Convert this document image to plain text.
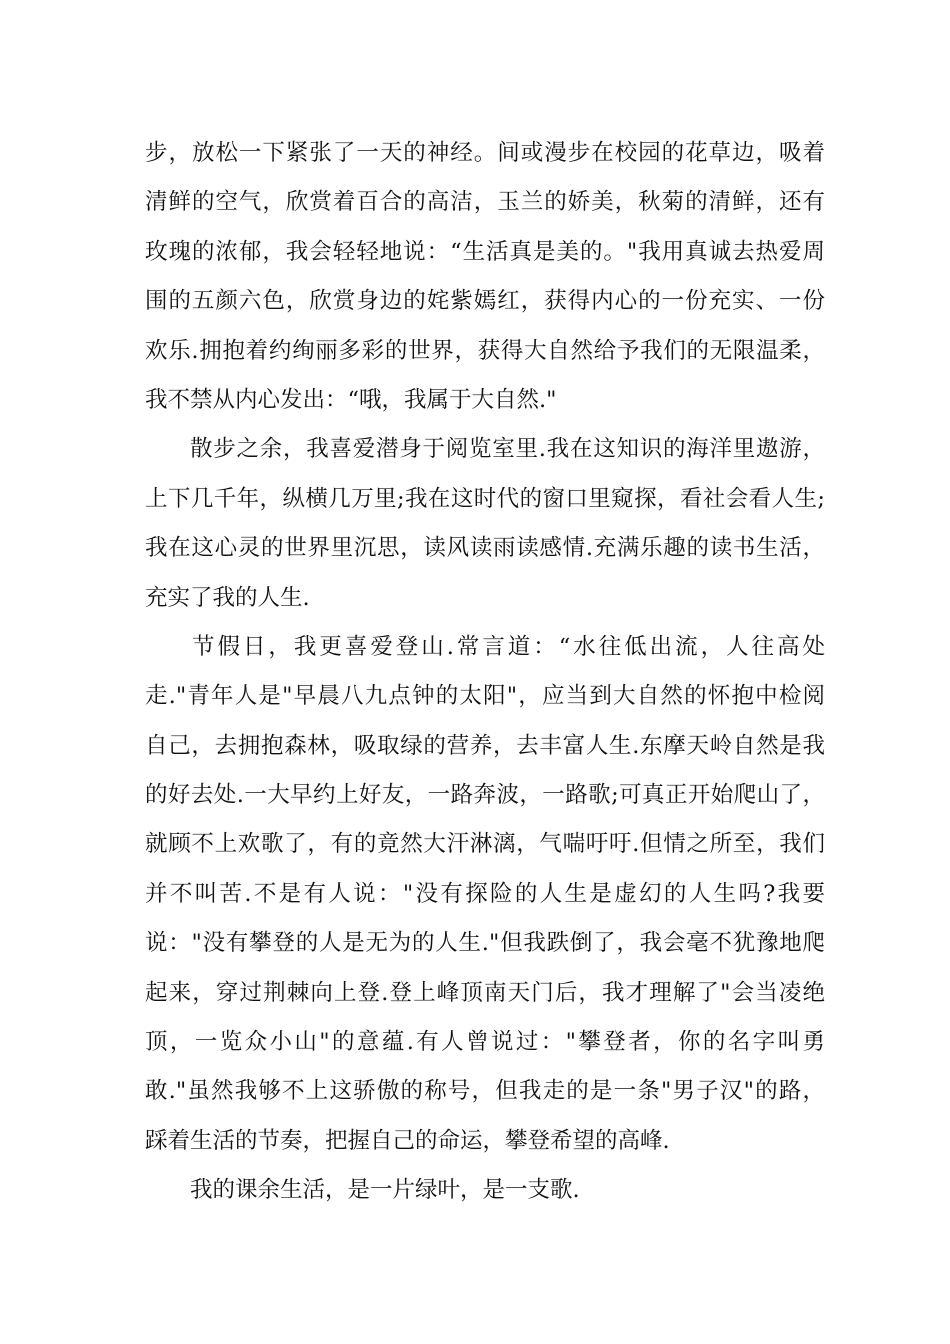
步，放松一下紧张了一天的神经。间或漫步在校园的花草边，吸着
清鲜的空气，欣赏着百合的高洁，玉兰的娇美，秋菊的清鲜，还有
玫瑰的浓郁，我会轻轻地说：“生活真是美的。"我用真诚去热爱周
围的五颜六色，欣赏身边的姹紫嫣红，获得内心的一份充实、一份
欢乐.拥抱着约绚丽多彩的世界，获得大自然给予我们的无限温柔，
我不禁从内心发出：“哦，我属于大自然."
散步之余，我喜爱潜身于阅览室里.我在这知识的海洋里遨游，
上下几千年，纵横几万里;我在这时代的窗口里窥探，看社会看人生;
我在这心灵的世界里沉思，读风读雨读感情.充满乐趣的读书生活，
充实了我的人生.
节假日，我更喜爱登山.常言道：“水往低出流，人往高处
走."青年人是"早晨八九点钟的太阳"，应当到大自然的怀抱中检阅
自己，去拥抱森林，吸取绿的营养，去丰富人生.东摩天岭自然是我
的好去处.一大早约上好友，一路奔波，一路歌;可真正开始爬山了，
就顾不上欢歌了，有的竟然大汗淋漓，气喘吁吁.但情之所至，我们
并不叫苦.不是有人说："没有探险的人生是虚幻的人生吗?我要
说："没有攀登的人是无为的人生."但我跌倒了，我会毫不犹豫地爬
起来，穿过荆棘向上登.登上峰顶南天门后，我才理解了"会当凌绝
顶，一览众小山"的意蕴.有人曾说过："攀登者，你的名字叫勇
敢."虽然我够不上这骄傲的称号，但我走的是一条"男子汉"的路，
踩着生活的节奏，把握自己的命运，攀登希望的高峰.
我的课余生活，是一片绿叶，是一支歌.
